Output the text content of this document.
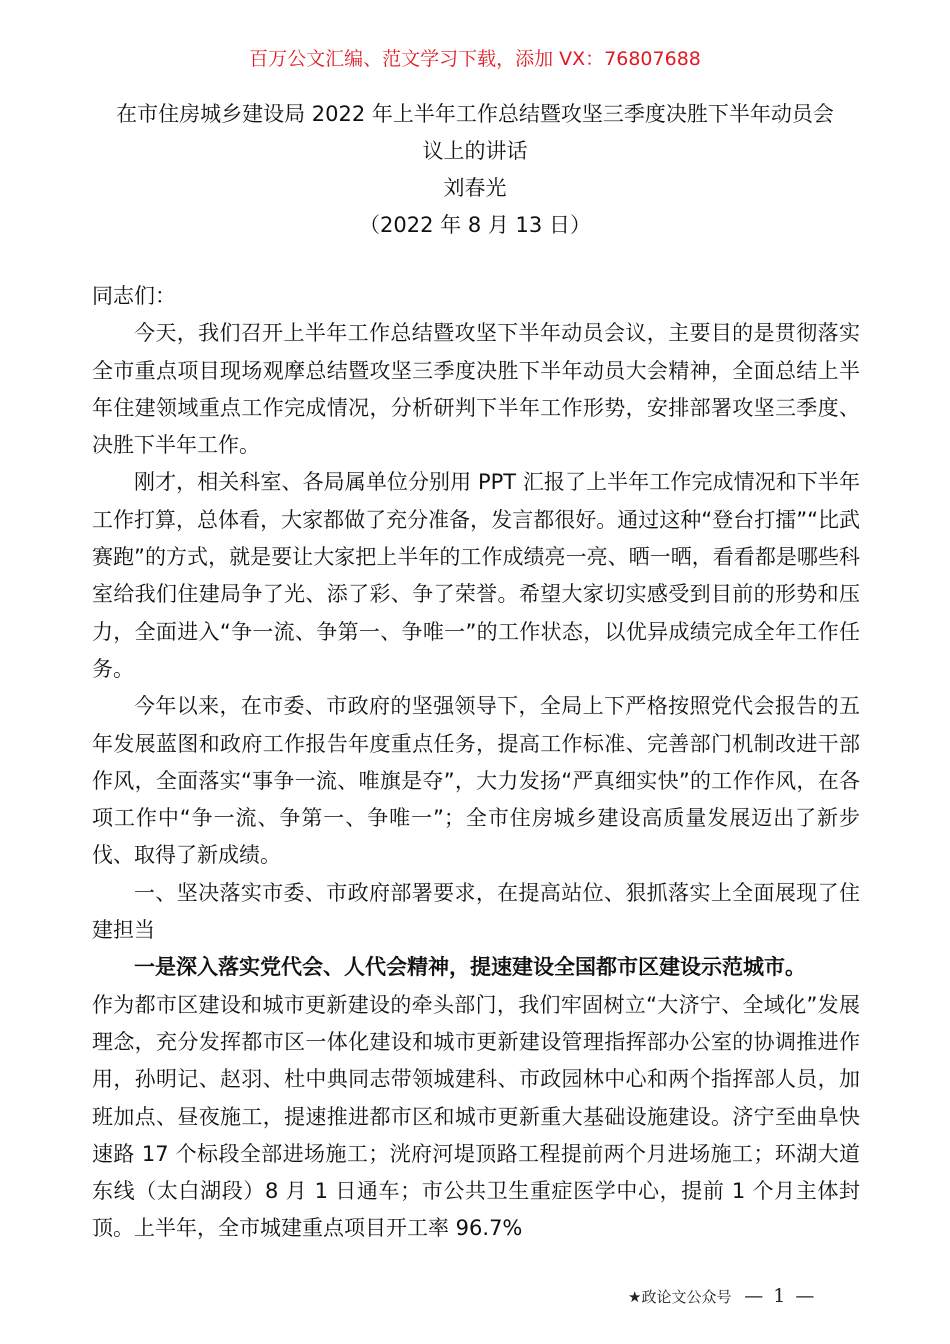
百万公文汇编、范文学习下载，添加 VX：76807688
在市住房城乡建设局 2022 年上半年工作总结暨攻坚三季度决胜下半年动员会
议上的讲话
刘春光
（2022 年 8 月 13 日）

同志们：

今天，我们召开上半年工作总结暨攻坚下半年动员会议，主要目的是贯彻落实全市重点项目现场观摩总结暨攻坚三季度决胜下半年动员大会精神，全面总结上半年住建领域重点工作完成情况，分析研判下半年工作形势，安排部署攻坚三季度、决胜下半年工作。

刚才，相关科室、各局属单位分别用 PPT 汇报了上半年工作完成情况和下半年工作打算，总体看，大家都做了充分准备，发言都很好。通过这种“登台打擂”“比武赛跑”的方式，就是要让大家把上半年的工作成绩亮一亮、晒一晒，看看都是哪些科室给我们住建局争了光、添了彩、争了荣誉。希望大家切实感受到目前的形势和压力，全面进入“争一流、争第一、争唯一”的工作状态，以优异成绩完成全年工作任务。

今年以来，在市委、市政府的坚强领导下，全局上下严格按照党代会报告的五年发展蓝图和政府工作报告年度重点任务，提高工作标准、完善部门机制改进干部作风，全面落实“事争一流、唯旗是夺”，大力发扬“严真细实快”的工作作风，在各项工作中“争一流、争第一、争唯一”；全市住房城乡建设高质量发展迈出了新步伐、取得了新成绩。

一、坚决落实市委、市政府部署要求，在提高站位、狠抓落实上全面展现了住建担当

一是深入落实党代会、人代会精神，提速建设全国都市区建设示范城市。

作为都市区建设和城市更新建设的牵头部门，我们牢固树立“大济宁、全域化”发展理念，充分发挥都市区一体化建设和城市更新建设管理指挥部办公室的协调推进作用，孙明记、赵羽、杜中典同志带领城建科、市政园林中心和两个指挥部人员，加班加点、昼夜施工，提速推进都市区和城市更新重大基础设施建设。济宁至曲阜快速路 17 个标段全部进场施工；洸府河堤顶路工程提前两个月进场施工；环湖大道东线（太白湖段）8 月 1 日通车；市公共卫生重症医学中心，提前 1 个月主体封顶。上半年，全市城建重点项目开工率 96.7%

★政论文公众号 — 1 —
